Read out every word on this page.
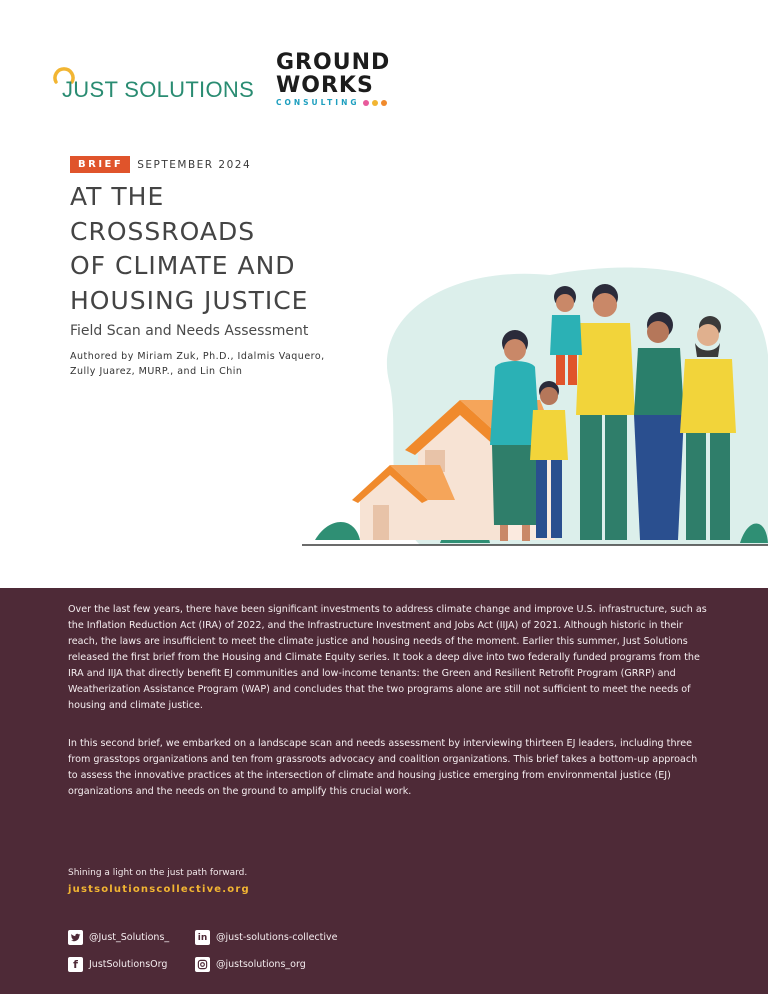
JUST SOLUTIONS
GROUND
WORKS
CONSULTING
BRIEF	SEPTEMBER 2024
AT THE
CROSSROADS
OF CLIMATE AND
HOUSING JUSTICE
Field Scan and Needs Assessment
Authored by Miriam Zuk, Ph.D., Idalmis Vaquero, Zully Juarez, MURP., and Lin Chin

Over the last few years, there have been significant investments to address climate change and improve U.S. infrastructure, such as the Inflation Reduction Act (IRA) of 2022, and the Infrastructure Investment and Jobs Act (IIJA) of 2021. Although historic in their reach, the laws are insufficient to meet the climate justice and housing needs of the moment. Earlier this summer, Just Solutions released the first brief from the Housing and Climate Equity series. It took a deep dive into two federally funded programs from the IRA and IIJA that directly benefit EJ communities and low-income tenants: the Green and Resilient Retrofit Program (GRRP) and Weatherization Assistance Program (WAP) and concludes that the two programs alone are still not sufficient to meet the needs of housing and climate justice.

In this second brief, we embarked on a landscape scan and needs assessment by interviewing thirteen EJ leaders, including three from grasstops organizations and ten from grassroots advocacy and coalition organizations. This brief takes a bottom-up approach to assess the innovative practices at the intersection of climate and housing justice emerging from environmental justice (EJ) organizations and the needs on the ground to amplify this crucial work.

Shining a light on the just path forward.
justsolutionscollective.org
@Just_Solutions_	in @just-solutions-collective
f JustSolutionsOrg	@justsolutions_org
